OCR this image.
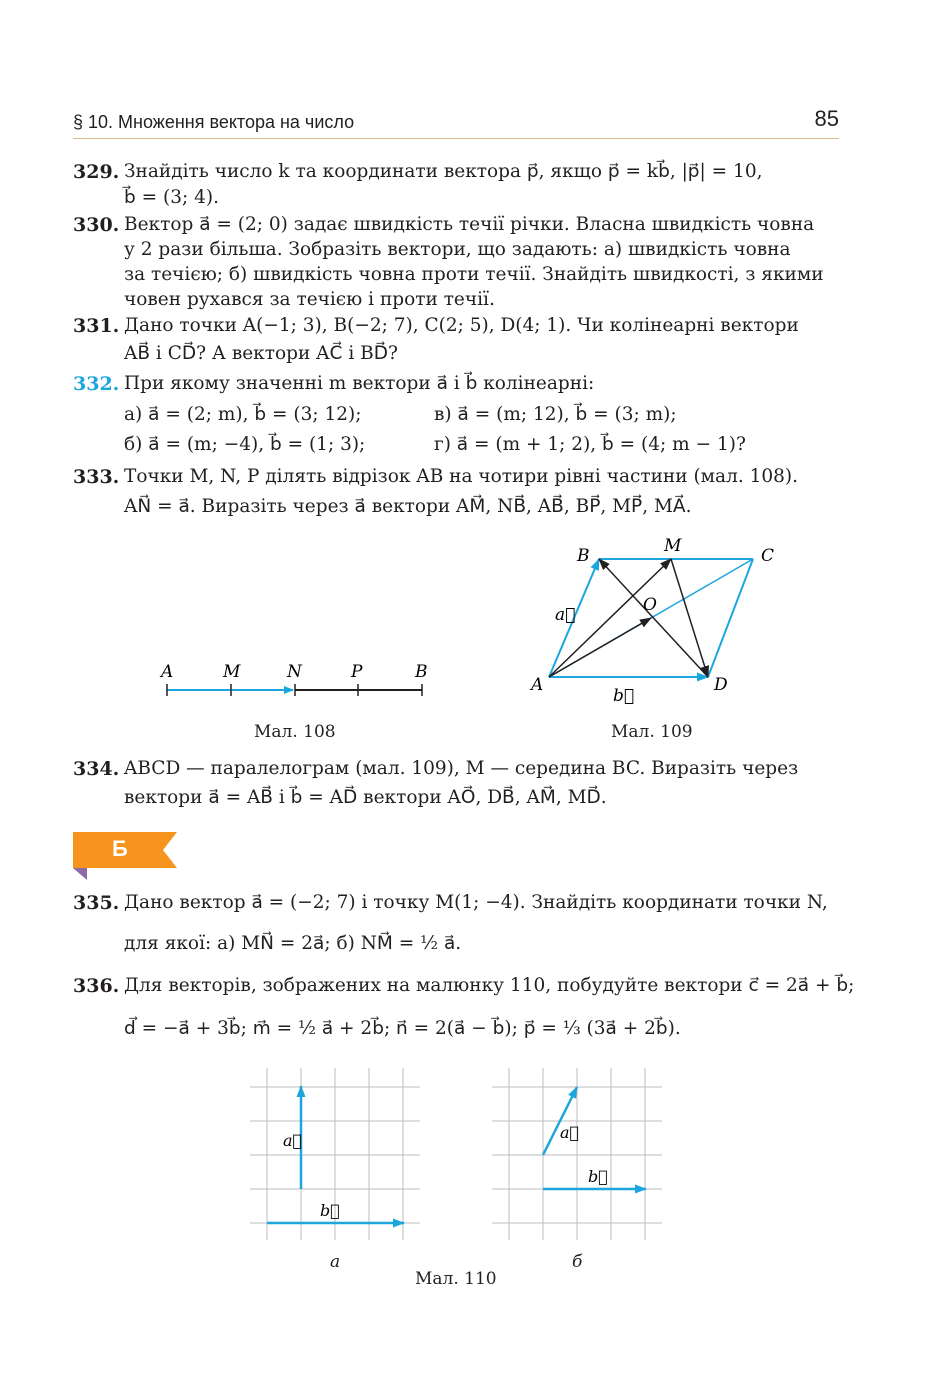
§ 10. Множення вектора на число	85
329. Знайдіть число k та координати вектора p⃗, якщо p⃗ = kb⃗, |p⃗| = 10,
b⃗ = (3; 4).
330. Вектор a⃗ = (2; 0) задає швидкість течії річки. Власна швидкість човна
у 2 рази більша. Зобразіть вектори, що задають: а) швидкість човна
за течією; б) швидкість човна проти течії. Знайдіть швидкості, з якими
човен рухався за течією і проти течії.
331. Дано точки A(−1; 3), B(−2; 7), C(2; 5), D(4; 1). Чи колінеарні вектори
AB⃗ і CD⃗? А вектори AC⃗ і BD⃗?
332. При якому значенні m вектори a⃗ і b⃗ колінеарні:
а) a⃗ = (2; m), b⃗ = (3; 12);	в) a⃗ = (m; 12), b⃗ = (3; m);
б) a⃗ = (m; −4), b⃗ = (1; 3);	г) a⃗ = (m + 1; 2), b⃗ = (4; m − 1)?
333. Точки M, N, P ділять відрізок AB на чотири рівні частини (мал. 108).
AN⃗ = a⃗. Виразіть через a⃗ вектори AM⃗, NB⃗, AB⃗, BP⃗, MP⃗, MA⃗.
A	M	N	P	B
Мал. 108
B	M	C
O
a⃗
A	D
b⃗
Мал. 109
334. ABCD — паралелограм (мал. 109), M — середина BC. Виразіть через
вектори a⃗ = AB⃗ і b⃗ = AD⃗ вектори AO⃗, DB⃗, AM⃗, MD⃗.
Б
335. Дано вектор a⃗ = (−2; 7) і точку M(1; −4). Знайдіть координати точки N,
для якої: а) MN⃗ = 2a⃗; б) NM⃗ = ½ a⃗.
336. Для векторів, зображених на малюнку 110, побудуйте вектори c⃗ = 2a⃗ + b⃗;
d⃗ = −a⃗ + 3b⃗; m⃗ = ½ a⃗ + 2b⃗; n⃗ = 2(a⃗ − b⃗); p⃗ = ⅓ (3a⃗ + 2b⃗).
a⃗
b⃗
а
a⃗
b⃗
б
Мал. 110
